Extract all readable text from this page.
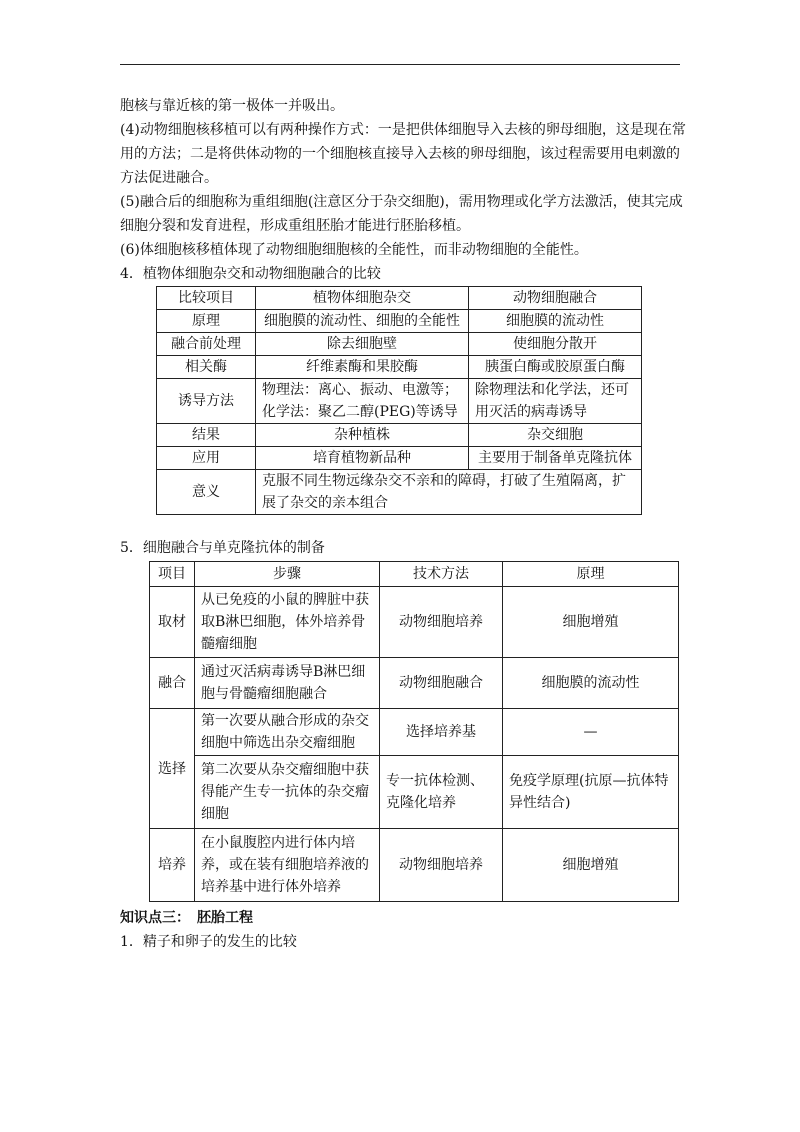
胞核与靠近核的第一极体一并吸出。

(4)动物细胞核移植可以有两种操作方式：一是把供体细胞导入去核的卵母细胞，这是现在常用的方法；二是将供体动物的一个细胞核直接导入去核的卵母细胞，该过程需要用电刺激的方法促进融合。

(5)融合后的细胞称为重组细胞(注意区分于杂交细胞)，需用物理或化学方法激活，使其完成细胞分裂和发育进程，形成重组胚胎才能进行胚胎移植。

(6)体细胞核移植体现了动物细胞细胞核的全能性，而非动物细胞的全能性。

4．植物体细胞杂交和动物细胞融合的比较

比较项目	植物体细胞杂交	动物细胞融合
原理	细胞膜的流动性、细胞的全能性	细胞膜的流动性
融合前处理	除去细胞壁	使细胞分散开
相关酶	纤维素酶和果胶酶	胰蛋白酶或胶原蛋白酶
诱导方法	物理法：离心、振动、电激等；化学法：聚乙二醇(PEG)等诱导	除物理法和化学法，还可用灭活的病毒诱导
结果	杂种植株	杂交细胞
应用	培育植物新品种	主要用于制备单克隆抗体
意义	克服不同生物远缘杂交不亲和的障碍，打破了生殖隔离，扩展了杂交的亲本组合	

5．细胞融合与单克隆抗体的制备

项目	步骤	技术方法	原理
取材	从已免疫的小鼠的脾脏中获取B淋巴细胞，体外培养骨髓瘤细胞	动物细胞培养	细胞增殖
融合	通过灭活病毒诱导B淋巴细胞与骨髓瘤细胞融合	动物细胞融合	细胞膜的流动性
选择	第一次要从融合形成的杂交细胞中筛选出杂交瘤细胞	选择培养基	—
	第二次要从杂交瘤细胞中获得能产生专一抗体的杂交瘤细胞	专一抗体检测、克隆化培养	免疫学原理(抗原—抗体特异性结合)
培养	在小鼠腹腔内进行体内培养，或在装有细胞培养液的培养基中进行体外培养	动物细胞培养	细胞增殖

知识点三：　胚胎工程

1．精子和卵子的发生的比较
